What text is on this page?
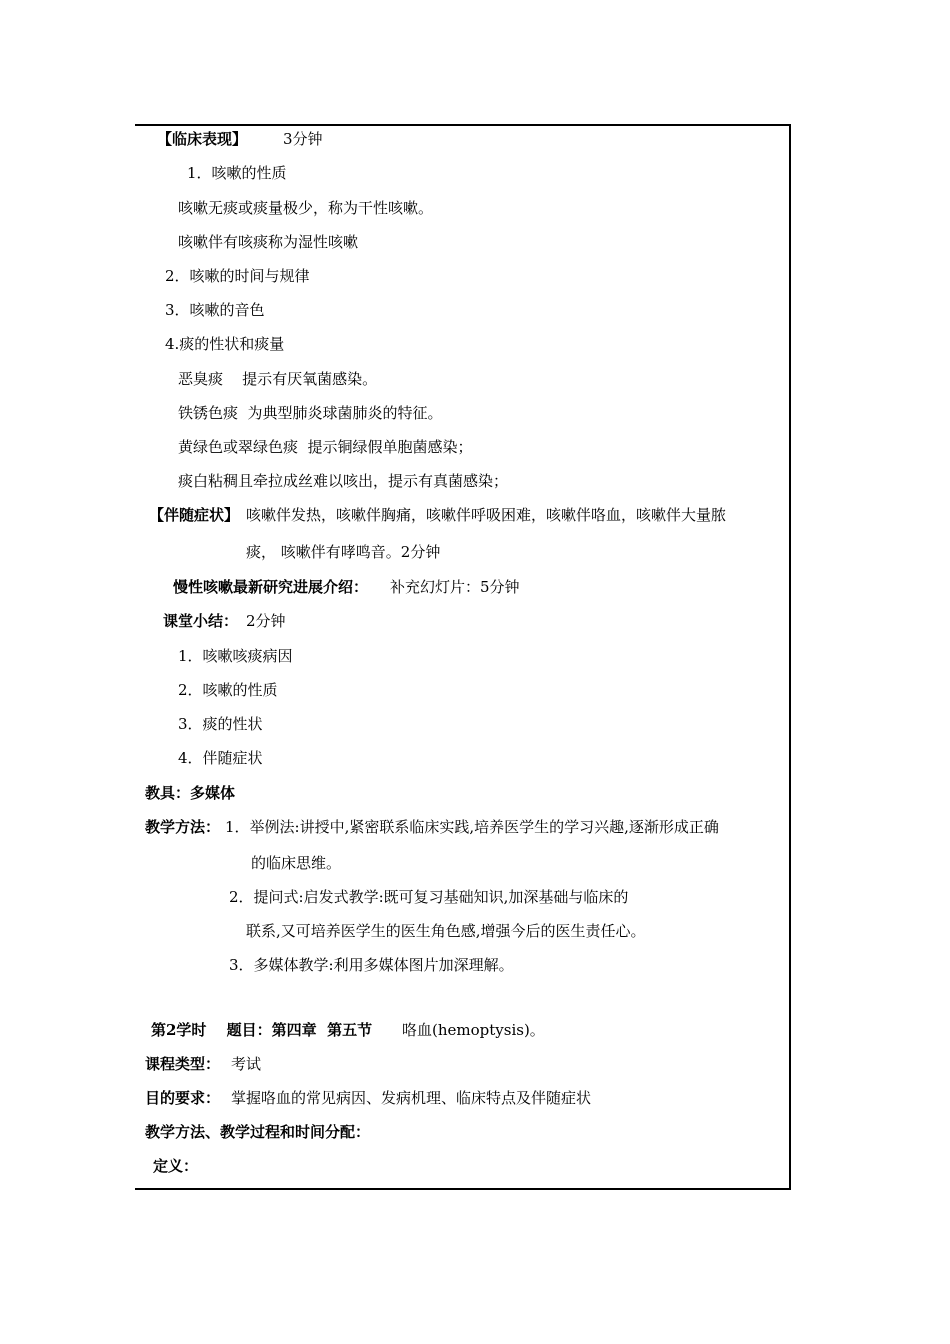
【临床表现】 3分钟
1．咳嗽的性质
咳嗽无痰或痰量极少，称为干性咳嗽。
咳嗽伴有咳痰称为湿性咳嗽
2．咳嗽的时间与规律
3．咳嗽的音色
4.痰的性状和痰量
恶臭痰    提示有厌氧菌感染。
铁锈色痰  为典型肺炎球菌肺炎的特征。
黄绿色或翠绿色痰  提示铜绿假单胞菌感染；
痰白粘稠且牵拉成丝难以咳出，提示有真菌感染；
【伴随症状】 咳嗽伴发热，咳嗽伴胸痛，咳嗽伴呼吸困难，咳嗽伴咯血，咳嗽伴大量脓
痰， 咳嗽伴有哮鸣音。2分钟
慢性咳嗽最新研究进展介绍： 补充幻灯片：5分钟
课堂小结： 2分钟
1．咳嗽咳痰病因
2．咳嗽的性质
3．痰的性状
4．伴随症状
教具：多媒体
教学方法： 1．举例法:讲授中,紧密联系临床实践,培养医学生的学习兴趣,逐渐形成正确
的临床思维。
2．提问式:启发式教学:既可复习基础知识,加深基础与临床的
联系,又可培养医学生的医生角色感,增强今后的医生责任心。
3．多媒体教学:利用多媒体图片加深理解。
第2学时　 题目：第四章  第五节 咯血(hemoptysis)。
课程类型： 考试
目的要求： 掌握咯血的常见病因、发病机理、临床特点及伴随症状
教学方法、教学过程和时间分配：
定义：
